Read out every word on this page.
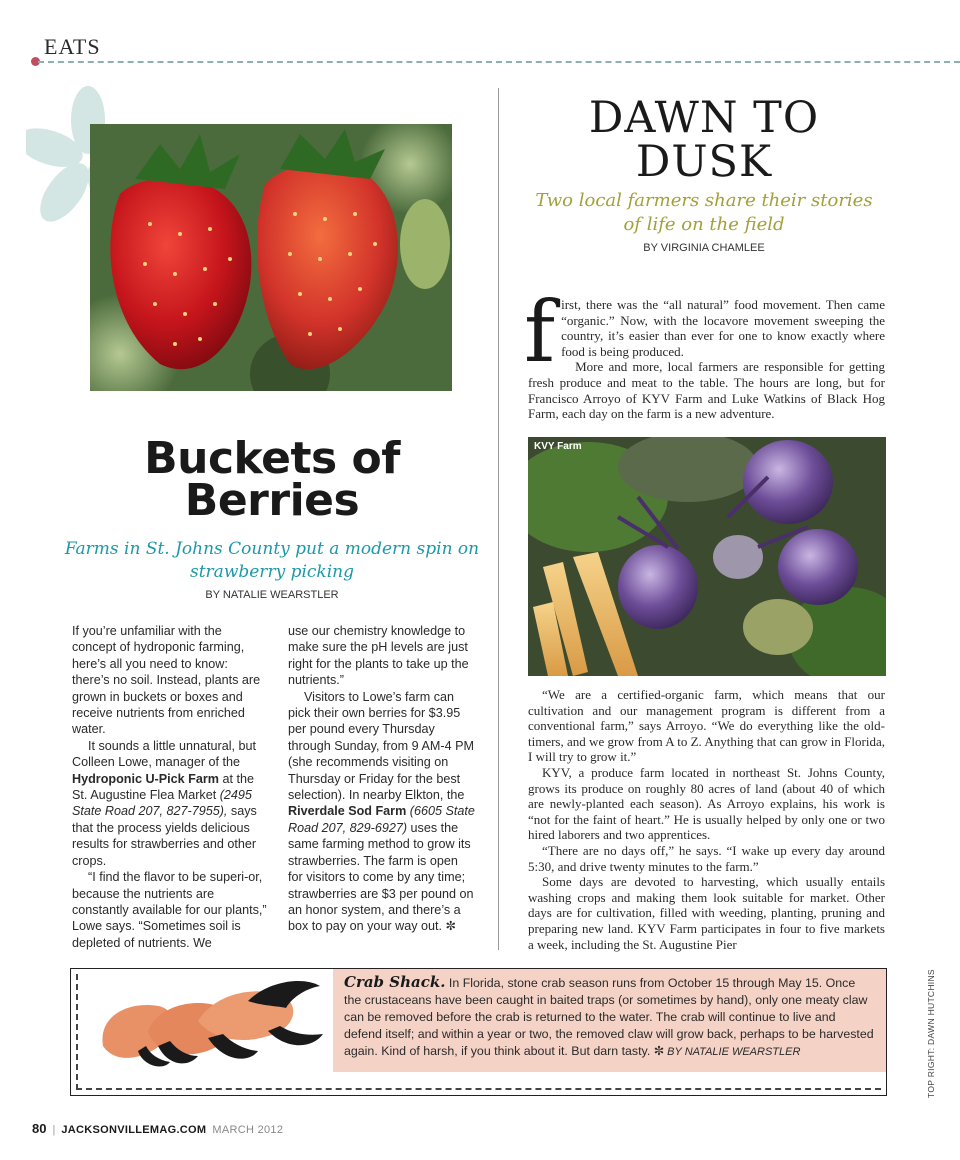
EATS
Buckets of
Berries
Farms in St. Johns County put a modern spin on
strawberry picking
BY NATALIE WEARSTLER

If you’re unfamiliar with the concept of hydroponic farming, here’s all you need to know: there’s no soil. Instead, plants are grown in buckets or boxes and receive nutrients from enriched water.

It sounds a little unnatural, but Colleen Lowe, manager of the Hydroponic U-Pick Farm at the St. Augustine Flea Market (2495 State Road 207, 827-7955), says that the process yields delicious results for strawberries and other crops.

“I find the flavor to be superi-or, because the nutrients are constantly available for our plants,” Lowe says. “Sometimes soil is depleted of nutrients. We

use our chemistry knowledge to make sure the pH levels are just right for the plants to take up the nutrients.”

Visitors to Lowe’s farm can pick their own berries for $3.95 per pound every Thursday through Sunday, from 9 AM-4 PM (she recommends visiting on Thursday or Friday for the best selection). In nearby Elkton, the Riverdale Sod Farm (6605 State Road 207, 829-6927) uses the same farming method to grow its strawberries. The farm is open for visitors to come by any time; strawberries are $3 per pound on an honor system, and there’s a box to pay on your way out. ✼

DAWN TO
DUSK
Two local farmers share their stories
of life on the field
BY VIRGINIA CHAMLEE
f irst, there was the “all natural” food movement. Then came “organic.” Now, with the locavore movement sweeping the country, it’s easier than ever for one to know exactly where food is being produced.

More and more, local farmers are responsible for getting fresh produce and meat to the table. The hours are long, but for Francisco Arroyo of KYV Farm and Luke Watkins of Black Hog Farm, each day on the farm is a new adventure.

KVY Farm

“We are a certified-organic farm, which means that our cultivation and our management program is different from a conventional farm,” says Arroyo. “We do everything like the old-timers, and we grow from A to Z. Anything that can grow in Florida, I will try to grow it.”

KYV, a produce farm located in northeast St. Johns County, grows its produce on roughly 80 acres of land (about 40 of which are newly-planted each season). As Arroyo explains, his work is “not for the faint of heart.” He is usually helped by only one or two hired laborers and two apprentices.

“There are no days off,” he says. “I wake up every day around 5:30, and drive twenty minutes to the farm.”

Some days are devoted to harvesting, which usually entails washing crops and making them look suitable for market. Other days are for cultivation, filled with weeding, planting, pruning and preparing new land. KYV Farm participates in four to five markets a week, including the St. Augustine Pier

Crab Shack. In Florida, stone crab season runs from October 15 through May 15. Once the crustaceans have been caught in baited traps (or sometimes by hand), only one meaty claw can be removed before the crab is returned to the water. The crab will continue to live and defend itself; and within a year or two, the removed claw will grow back, perhaps to be harvested again. Kind of harsh, if you think about it. But darn tasty. ✼ BY NATALIE WEARSTLER	TOP RIGHT: DAWN HUTCHINS
80 | JACKSONVILLEMAG.COM MARCH 2012
